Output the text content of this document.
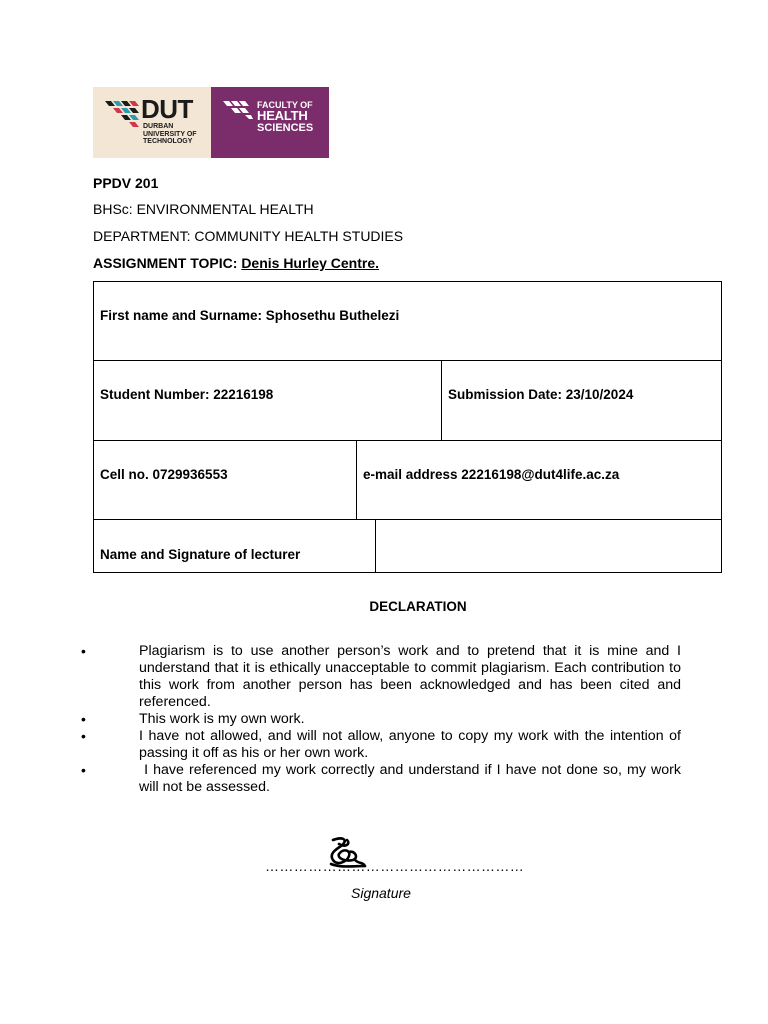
DUT
DURBAN
UNIVERSITY OF
TECHNOLOGY
FACULTY OF
HEALTH
SCIENCES
PPDV 201
BHSc: ENVIRONMENTAL HEALTH
DEPARTMENT: COMMUNITY HEALTH STUDIES
ASSIGNMENT TOPIC: Denis Hurley Centre.
First name and Surname: Sphosethu Buthelezi
Student Number: 22216198	Submission Date: 23/10/2024
Cell no. 0729936553	e-mail address 22216198@dut4life.ac.za
Name and Signature of lecturer
DECLARATION
•	Plagiarism is to use another person’s work and to pretend that it is mine and I understand that it is ethically unacceptable to commit plagiarism. Each contribution to this work from another person has been acknowledged and has been cited and referenced.
•	This work is my own work.
•	I have not allowed, and will not allow, anyone to copy my work with the intention of passing it off as his or her own work.
•	I have referenced my work correctly and understand if I have not done so, my work will not be assessed.
………………………………………………
Signature
